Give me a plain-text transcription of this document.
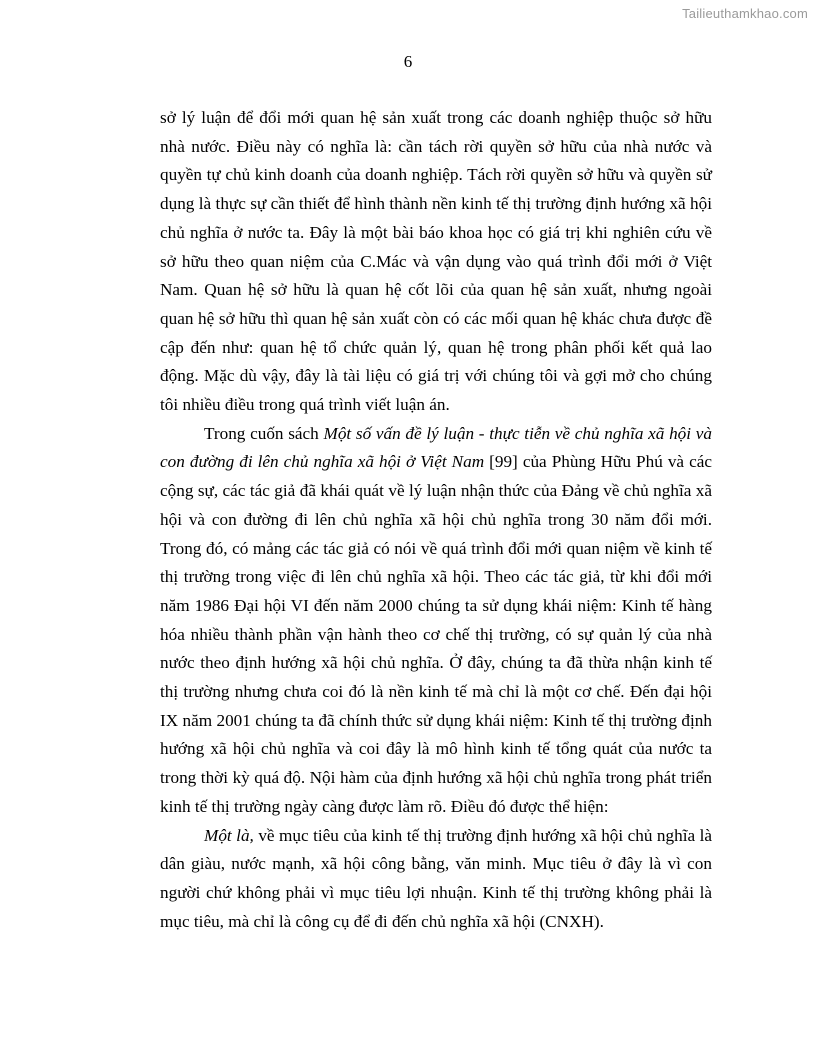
Tailieuthamkhao.com
6

sở lý luận để đổi mới quan hệ sản xuất trong các doanh nghiệp thuộc sở hữu nhà nước. Điều này có nghĩa là: cần tách rời quyền sở hữu của nhà nước và quyền tự chủ kinh doanh của doanh nghiệp. Tách rời quyền sở hữu và quyền sử dụng là thực sự cần thiết để hình thành nền kinh tế thị trường định hướng xã hội chủ nghĩa ở nước ta. Đây là một bài báo khoa học có giá trị khi nghiên cứu về sở hữu theo quan niệm của C.Mác và vận dụng vào quá trình đổi mới ở Việt Nam. Quan hệ sở hữu là quan hệ cốt lõi của quan hệ sản xuất, nhưng ngoài quan hệ sở hữu thì quan hệ sản xuất còn có các mối quan hệ khác chưa được đề cập đến như: quan hệ tổ chức quản lý, quan hệ trong phân phối kết quả lao động. Mặc dù vậy, đây là tài liệu có giá trị với chúng tôi và gợi mở cho chúng tôi nhiều điều trong quá trình viết luận án.

Trong cuốn sách Một số vấn đề lý luận - thực tiễn về chủ nghĩa xã hội và con đường đi lên chủ nghĩa xã hội ở Việt Nam [99] của Phùng Hữu Phú và các cộng sự, các tác giả đã khái quát về lý luận nhận thức của Đảng về chủ nghĩa xã hội và con đường đi lên chủ nghĩa xã hội chủ nghĩa trong 30 năm đổi mới. Trong đó, có mảng các tác giả có nói về quá trình đổi mới quan niệm về kinh tế thị trường trong việc đi lên chủ nghĩa xã hội. Theo các tác giả, từ khi đổi mới năm 1986 Đại hội VI đến năm 2000 chúng ta sử dụng khái niệm: Kinh tế hàng hóa nhiều thành phần vận hành theo cơ chế thị trường, có sự quản lý của nhà nước theo định hướng xã hội chủ nghĩa. Ở đây, chúng ta đã thừa nhận kinh tế thị trường nhưng chưa coi đó là nền kinh tế mà chỉ là một cơ chế. Đến đại hội IX năm 2001 chúng ta đã chính thức sử dụng khái niệm: Kinh tế thị trường định hướng xã hội chủ nghĩa và coi đây là mô hình kinh tế tổng quát của nước ta trong thời kỳ quá độ. Nội hàm của định hướng xã hội chủ nghĩa trong phát triển kinh tế thị trường ngày càng được làm rõ. Điều đó được thể hiện:

Một là, về mục tiêu của kinh tế thị trường định hướng xã hội chủ nghĩa là dân giàu, nước mạnh, xã hội công bằng, văn minh. Mục tiêu ở đây là vì con người chứ không phải vì mục tiêu lợi nhuận. Kinh tế thị trường không phải là mục tiêu, mà chỉ là công cụ để đi đến chủ nghĩa xã hội (CNXH).
